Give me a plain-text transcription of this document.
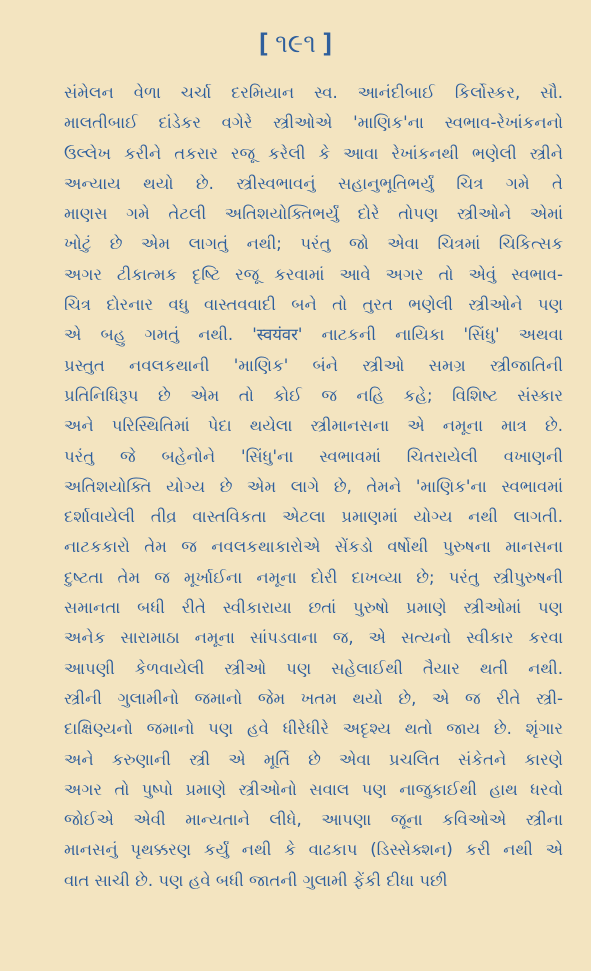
[ ૧૯૧ ]
સંમેલન વેળા ચર્ચા દરમિયાન સ્વ. આનંદીબાઈ કિર્લોસ્કર, સૌ.
માલતીબાઈ દાંડેકર વગેરે સ્ત્રીઓએ 'માણિક'ના સ્વભાવ-રેખાંકનનો
ઉલ્લેખ કરીને તકરાર રજૂ કરેલી કે આવા રેખાંકનથી ભણેલી સ્ત્રીને
અન્યાય થયો છે. સ્ત્રીસ્વભાવનું સહાનુભૂતિભર્યું ચિત્ર ગમે તે
માણસ ગમે તેટલી અતિશયોક્તિભર્યું દોરે તોપણ સ્ત્રીઓને એમાં
ખોટું છે એમ લાગતું નથી; પરંતુ જો એવા ચિત્રમાં ચિકિત્સક
અગર ટીકાત્મક દૃષ્ટિ રજૂ કરવામાં આવે અગર તો એવું સ્વભાવ-
ચિત્ર દોરનાર વધુ વાસ્તવવાદી બને તો તુરત ભણેલી સ્ત્રીઓને પણ
એ બહુ ગમતું નથી. 'स्वयंवर' નાટકની નાયિકા 'સિંધુ' અથવા
પ્રસ્તુત નવલકથાની 'માણિક' બંને સ્ત્રીઓ સમગ્ર સ્ત્રીજાતિની
પ્રતિનિધિરૂપ છે એમ તો કોઈ જ નહિ કહે; વિશિષ્ટ સંસ્કાર
અને પરિસ્થિતિમાં પેદા થયેલા સ્ત્રીમાનસના એ નમૂના માત્ર છે.
પરંતુ જે બહેનોને 'સિંધુ'ના સ્વભાવમાં ચિતરાયેલી વખાણની
અતિશયોક્તિ યોગ્ય છે એમ લાગે છે, તેમને 'માણિક'ના સ્વભાવમાં
દર્શાવાયેલી તીવ્ર વાસ્તવિકતા એટલા પ્રમાણમાં યોગ્ય નથી લાગતી.
નાટકકારો તેમ જ નવલકથાકારોએ સેંકડો વર્ષોથી પુરુષના માનસના
દુષ્ટતા તેમ જ મૂર્ખાઈના નમૂના દોરી દાખવ્યા છે; પરંતુ સ્ત્રીપુરુષની
સમાનતા બધી રીતે સ્વીકારાયા છતાં પુરુષો પ્રમાણે સ્ત્રીઓમાં પણ
અનેક સારામાઠા નમૂના સાંપડવાના જ, એ સત્યનો સ્વીકાર કરવા
આપણી કેળવાયેલી સ્ત્રીઓ પણ સહેલાઈથી તૈયાર થતી નથી.
સ્ત્રીની ગુલામીનો જમાનો જેમ ખતમ થયો છે, એ જ રીતે સ્ત્રી-
દાક્ષિણ્યનો જમાનો પણ હવે ધીરેધીરે અદૃશ્ય થતો જાય છે. શૃંગાર
અને કરુણાની સ્ત્રી એ મૂર્તિ છે એવા પ્રચલિત સંકેતને કારણે
અગર તો પુષ્પો પ્રમાણે સ્ત્રીઓનો સવાલ પણ નાજુકાઈથી હાથ ધરવો
જોઈએ એવી માન્યતાને લીધે, આપણા જૂના કવિઓએ સ્ત્રીના
માનસનું પૃથક્કરણ કર્યું નથી કે વાઢકાપ (ડિસ્સેક્શન) કરી નથી એ
વાત સાચી છે. પણ હવે બધી જાતની ગુલામી ફેંકી દીધા પછી
